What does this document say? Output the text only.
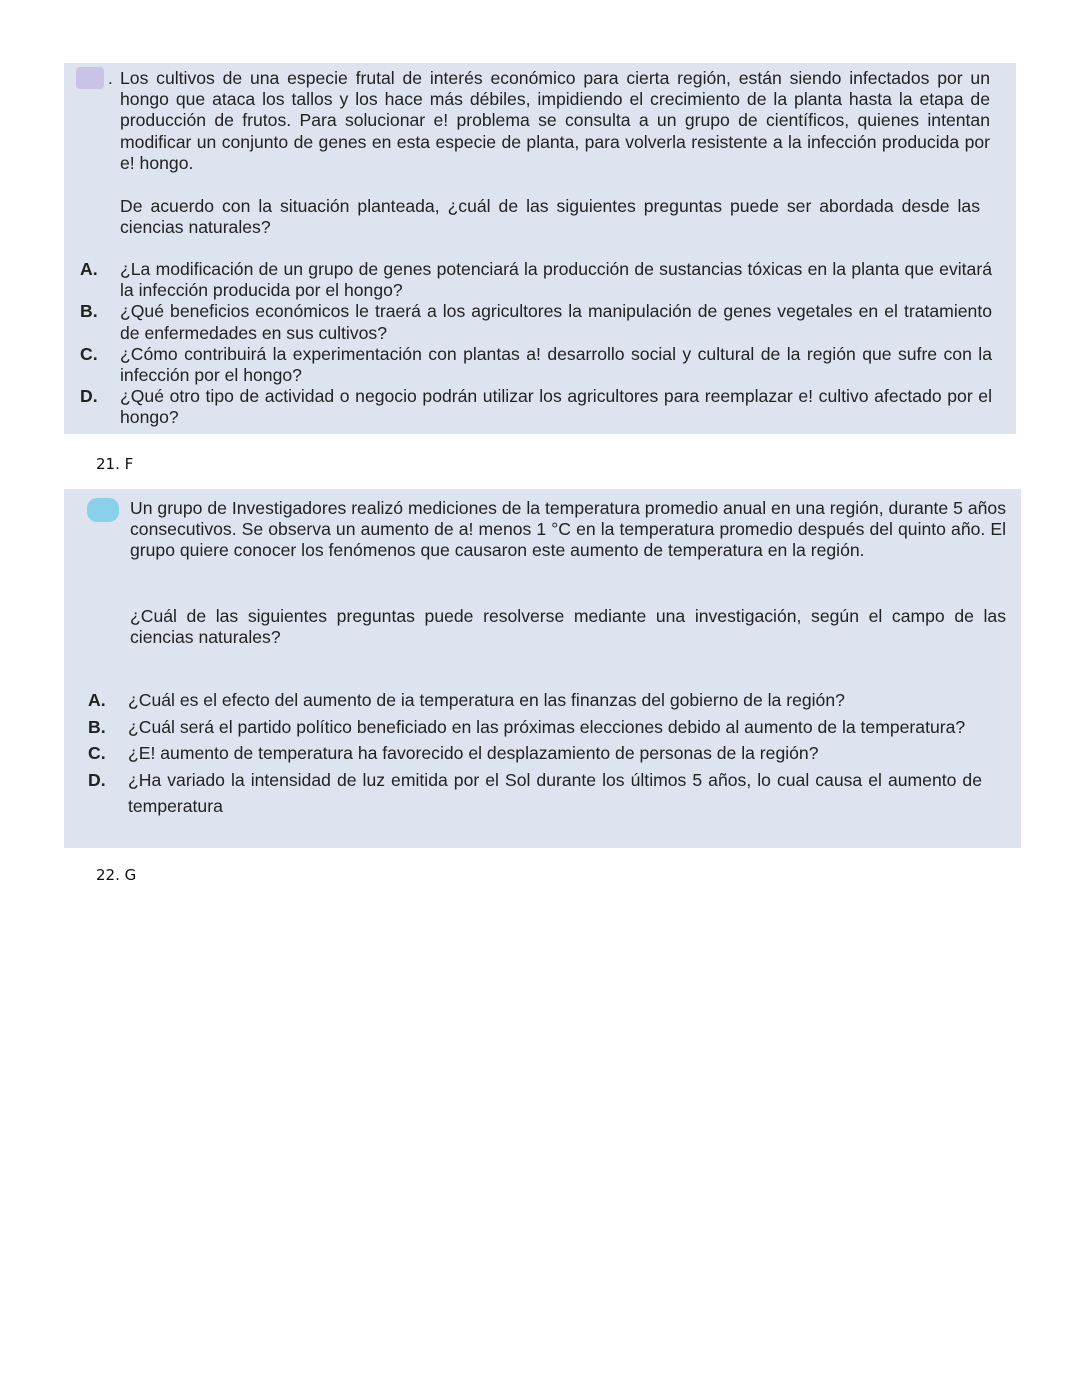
. Los cultivos de una especie frutal de interés económico para cierta región, están siendo infectados por un hongo que ataca los tallos y los hace más débiles, impidiendo el crecimiento de la planta hasta la etapa de producción de frutos. Para solucionar e! problema se consulta a un grupo de científicos, quienes intentan modificar un conjunto de genes en esta especie de planta, para volverla resistente a la infección producida por e! hongo.

De acuerdo con la situación planteada, ¿cuál de las siguientes preguntas puede ser abordada desde las ciencias naturales?

A. ¿La modificación de un grupo de genes potenciará la producción de sustancias tóxicas en la planta que evitará la infección producida por el hongo?
B. ¿Qué beneficios económicos le traerá a los agricultores la manipulación de genes vegetales en el tratamiento de enfermedades en sus cultivos?
C. ¿Cómo contribuirá la experimentación con plantas a! desarrollo social y cultural de la región que sufre con la infección por el hongo?
D. ¿Qué otro tipo de actividad o negocio podrán utilizar los agricultores para reemplazar e! cultivo afectado por el hongo?
21. F

Un grupo de Investigadores realizó mediciones de la temperatura promedio anual en una región, durante 5 años consecutivos. Se observa un aumento de a! menos 1 °C en la temperatura promedio después del quinto año. El grupo quiere conocer los fenómenos que causaron este aumento de temperatura en la región.

¿Cuál de las siguientes preguntas puede resolverse mediante una investigación, según el campo de las ciencias naturales?

A. ¿Cuál es el efecto del aumento de ia temperatura en las finanzas del gobierno de la región?
B. ¿Cuál será el partido político beneficiado en las próximas elecciones debido al aumento de la temperatura?
C. ¿E! aumento de temperatura ha favorecido el desplazamiento de personas de la región?
D. ¿Ha variado la intensidad de luz emitida por el Sol durante los últimos 5 años, lo cual causa el aumento de temperatura
22. G
